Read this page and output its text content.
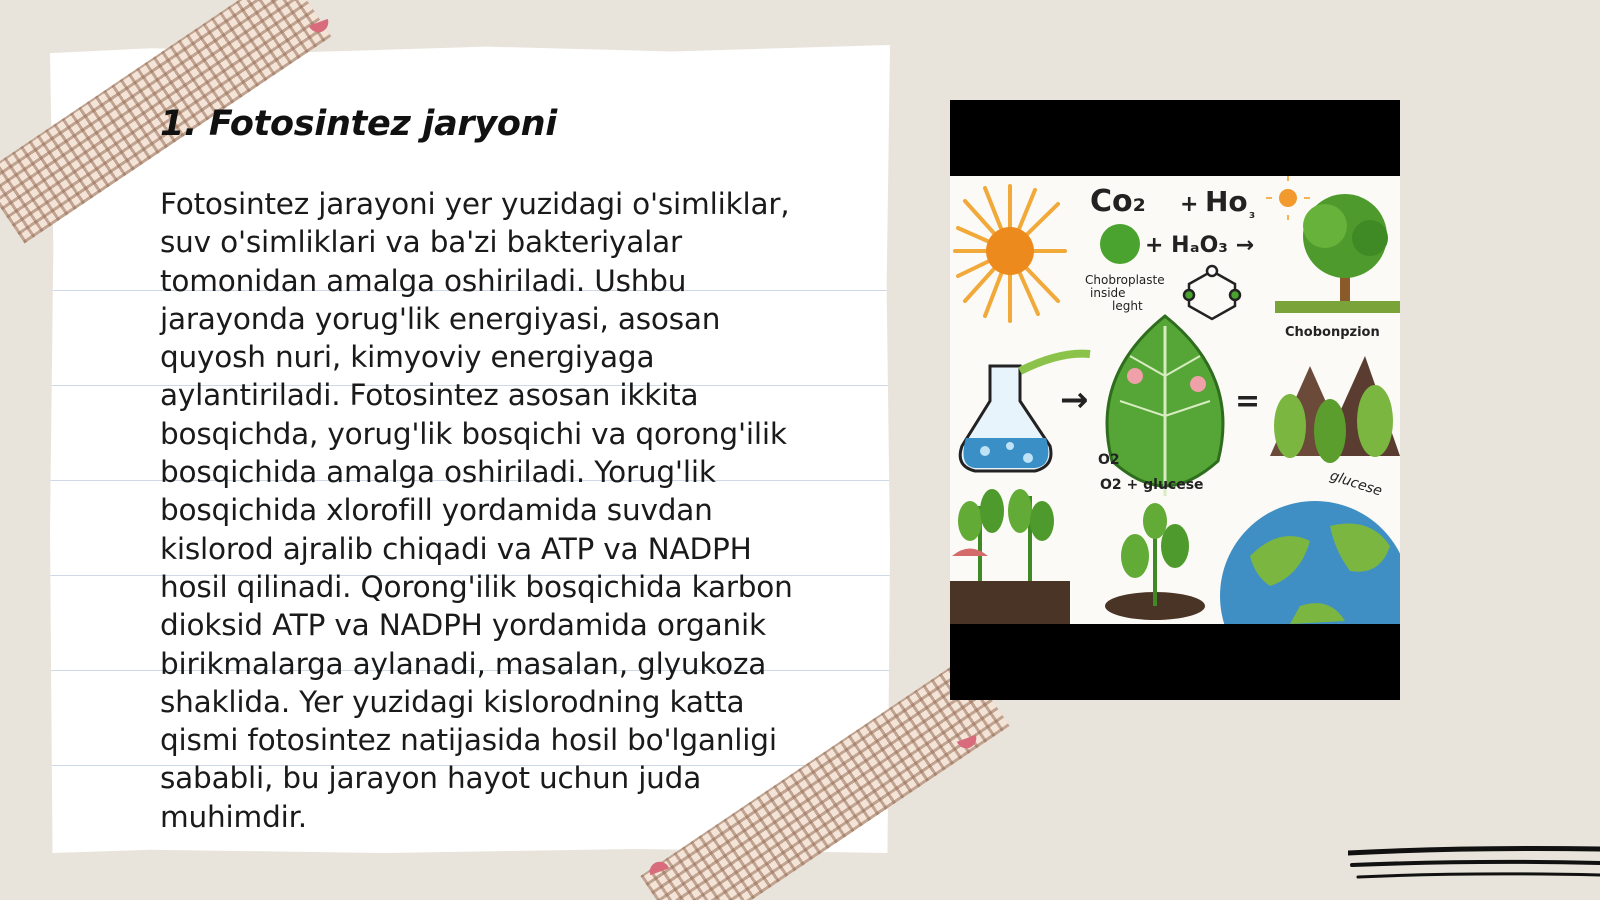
1. Fotosintez jaryoni
Fotosintez jarayoni yer yuzidagi o'simliklar,
suv o'simliklari va ba'zi bakteriyalar
tomonidan amalga oshiriladi. Ushbu
jarayonda yorug'lik energiyasi, asosan
quyosh nuri, kimyoviy energiyaga
aylantiriladi. Fotosintez asosan ikkita
bosqichda, yorug'lik bosqichi va qorong'ilik
bosqichida amalga oshiriladi. Yorug'lik
bosqichida xlorofill yordamida suvdan
kislorod ajralib chiqadi va ATP va NADPH
hosil qilinadi. Qorong'ilik bosqichida karbon
dioksid ATP va NADPH yordamida organik
birikmalarga aylanadi, masalan, glyukoza
shaklida. Yer yuzidagi kislorodning katta
qismi fotosintez natijasida hosil bo'lganligi
sababli, bu jarayon hayot uchun juda
muhimdir.
Co₂ + Ho ₃
+ HₐO₃ →
Chobroplaste
inside
leght
Chobonpzion
→	=
O2
O2 + glucese	glucese
